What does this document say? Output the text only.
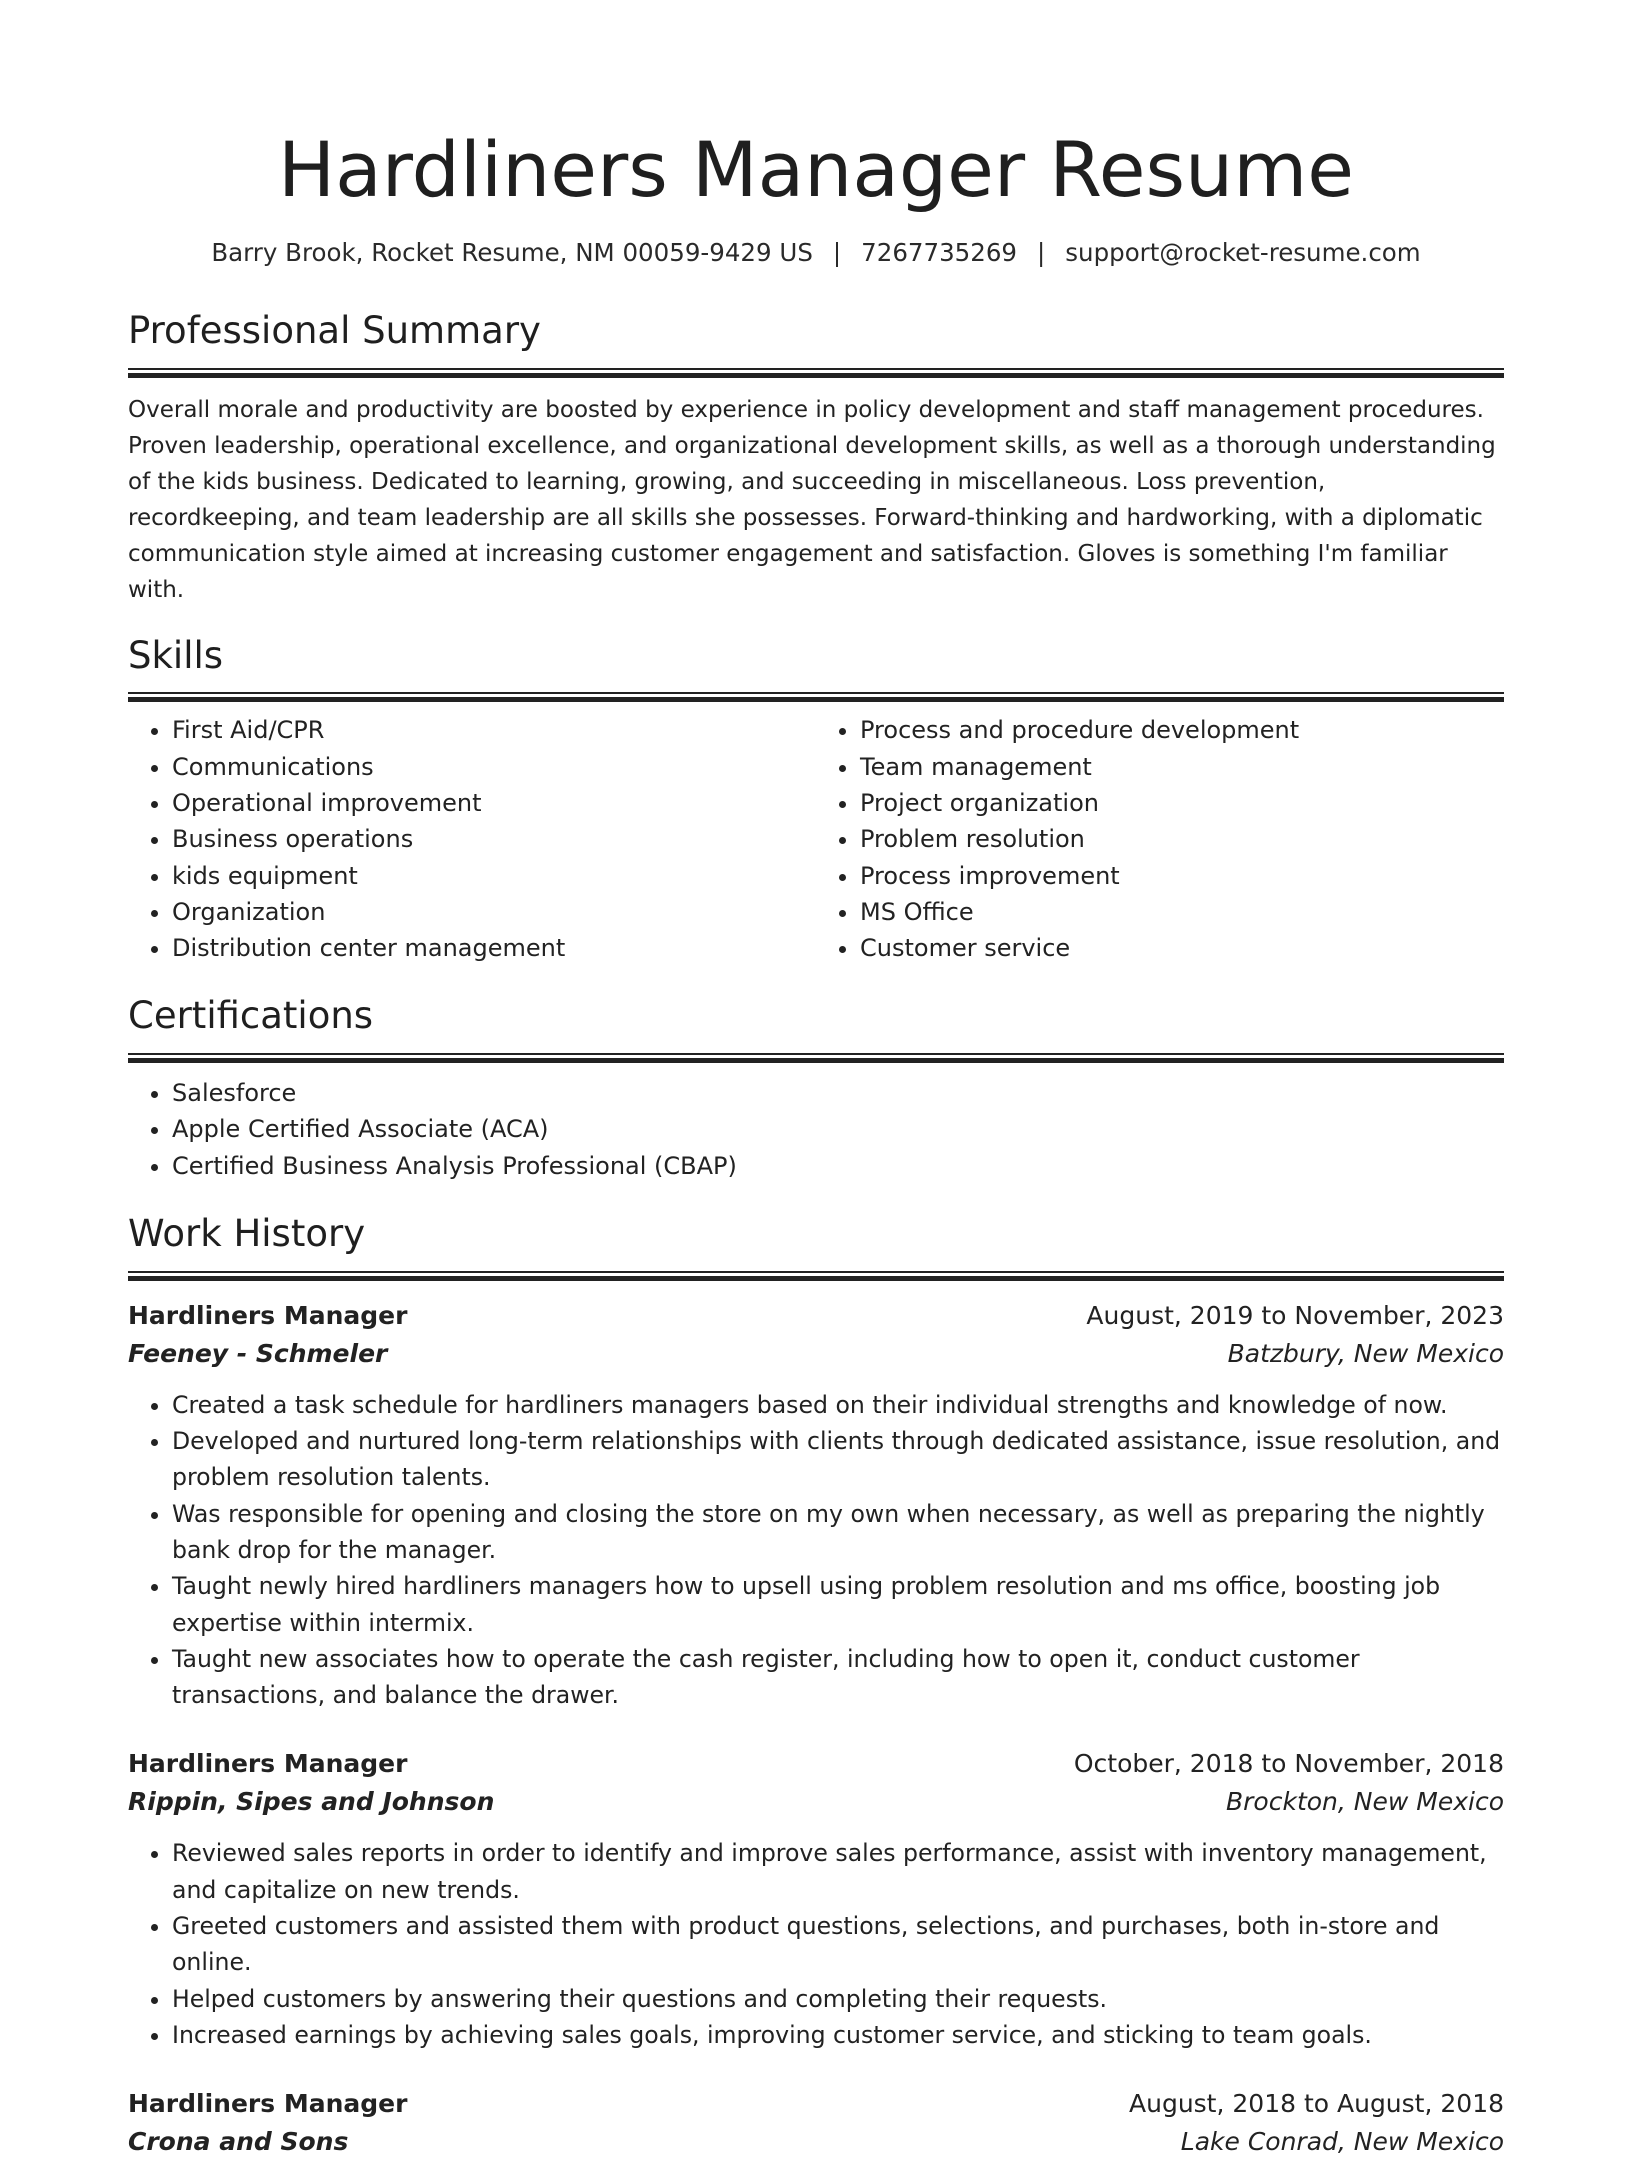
Hardliners Manager Resume
Barry Brook, Rocket Resume, NM 00059-9429 US | 7267735269 | support@rocket-resume.com
Professional Summary

Overall morale and productivity are boosted by experience in policy development and staff management procedures. Proven leadership, operational excellence, and organizational development skills, as well as a thorough understanding of the kids business. Dedicated to learning, growing, and succeeding in miscellaneous. Loss prevention, recordkeeping, and team leadership are all skills she possesses. Forward-thinking and hardworking, with a diplomatic communication style aimed at increasing customer engagement and satisfaction. Gloves is something I'm familiar with.

Skills
• First Aid/CPR
• Communications
• Operational improvement
• Business operations
• kids equipment
• Organization
• Distribution center management
• Process and procedure development
• Team management
• Project organization
• Problem resolution
• Process improvement
• MS Office
• Customer service
Certifications
• Salesforce
• Apple Certified Associate (ACA)
• Certified Business Analysis Professional (CBAP)
Work History
Hardliners Manager	August, 2019 to November, 2023
Feeney - Schmeler	Batzbury, New Mexico
• Created a task schedule for hardliners managers based on their individual strengths and knowledge of now.
• Developed and nurtured long-term relationships with clients through dedicated assistance, issue resolution, and problem resolution talents.
• Was responsible for opening and closing the store on my own when necessary, as well as preparing the nightly bank drop for the manager.
• Taught newly hired hardliners managers how to upsell using problem resolution and ms office, boosting job expertise within intermix.
• Taught new associates how to operate the cash register, including how to open it, conduct customer transactions, and balance the drawer.
Hardliners Manager	October, 2018 to November, 2018
Rippin, Sipes and Johnson	Brockton, New Mexico
• Reviewed sales reports in order to identify and improve sales performance, assist with inventory management, and capitalize on new trends.
• Greeted customers and assisted them with product questions, selections, and purchases, both in-store and online.
• Helped customers by answering their questions and completing their requests.
• Increased earnings by achieving sales goals, improving customer service, and sticking to team goals.
Hardliners Manager	August, 2018 to August, 2018
Crona and Sons	Lake Conrad, New Mexico
